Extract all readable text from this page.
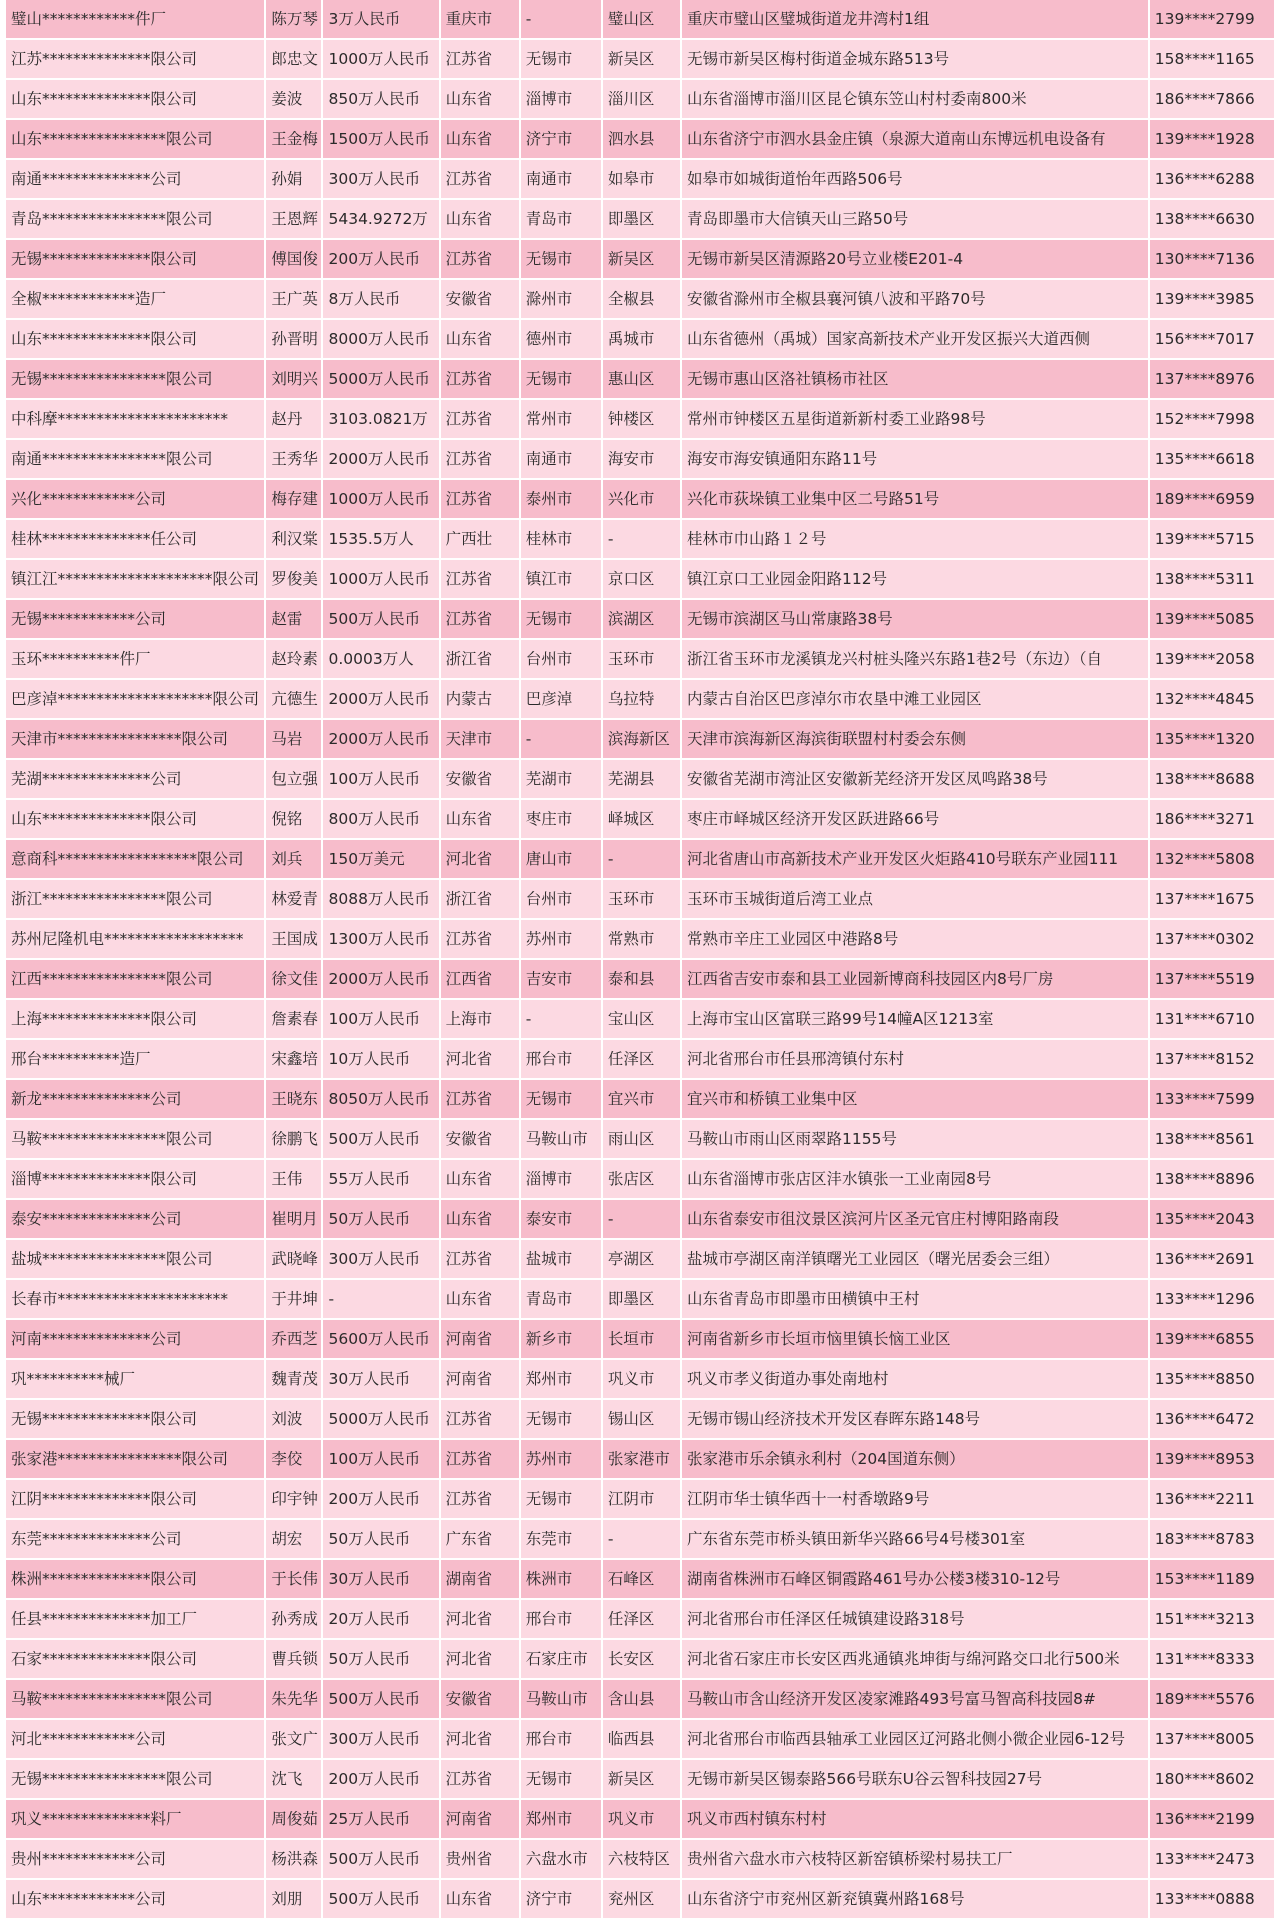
璧山************件厂	陈万琴	3万人民币	重庆市	-	璧山区	重庆市璧山区璧城街道龙井湾村1组	139****2799
江苏**************限公司	郎忠文	1000万人民币	江苏省	无锡市	新吴区	无锡市新吴区梅村街道金城东路513号	158****1165
山东**************限公司	姜波	850万人民币	山东省	淄博市	淄川区	山东省淄博市淄川区昆仑镇东笠山村村委南800米	186****7866
山东****************限公司	王金梅	1500万人民币	山东省	济宁市	泗水县	山东省济宁市泗水县金庄镇（泉源大道南山东博远机电设备有	139****1928
南通**************公司	孙娟	300万人民币	江苏省	南通市	如皋市	如皋市如城街道怡年西路506号	136****6288
青岛****************限公司	王恩辉	5434.9272万	山东省	青岛市	即墨区	青岛即墨市大信镇天山三路50号	138****6630
无锡**************限公司	傅国俊	200万人民币	江苏省	无锡市	新吴区	无锡市新吴区清源路20号立业楼E201-4	130****7136
全椒************造厂	王广英	8万人民币	安徽省	滁州市	全椒县	安徽省滁州市全椒县襄河镇八波和平路70号	139****3985
山东**************限公司	孙晋明	8000万人民币	山东省	德州市	禹城市	山东省德州（禹城）国家高新技术产业开发区振兴大道西侧	156****7017
无锡****************限公司	刘明兴	5000万人民币	江苏省	无锡市	惠山区	无锡市惠山区洛社镇杨市社区	137****8976
中科摩**********************	赵丹	3103.0821万	江苏省	常州市	钟楼区	常州市钟楼区五星街道新新村委工业路98号	152****7998
南通****************限公司	王秀华	2000万人民币	江苏省	南通市	海安市	海安市海安镇通阳东路11号	135****6618
兴化************公司	梅存建	1000万人民币	江苏省	泰州市	兴化市	兴化市荻垛镇工业集中区二号路51号	189****6959
桂林**************任公司	利汉棠	1535.5万人	广西壮	桂林市	-	桂林市巾山路１２号	139****5715
镇江江********************限公司	罗俊美	1000万人民币	江苏省	镇江市	京口区	镇江京口工业园金阳路112号	138****5311
无锡************公司	赵雷	500万人民币	江苏省	无锡市	滨湖区	无锡市滨湖区马山常康路38号	139****5085
玉环**********件厂	赵玲素	0.0003万人	浙江省	台州市	玉环市	浙江省玉环市龙溪镇龙兴村桩头隆兴东路1巷2号（东边）（自	139****2058
巴彦淖********************限公司	亢德生	2000万人民币	内蒙古	巴彦淖	乌拉特	内蒙古自治区巴彦淖尔市农垦中滩工业园区	132****4845
天津市****************限公司	马岩	2000万人民币	天津市	-	滨海新区	天津市滨海新区海滨街联盟村村委会东侧	135****1320
芜湖**************公司	包立强	100万人民币	安徽省	芜湖市	芜湖县	安徽省芜湖市湾沚区安徽新芜经济开发区凤鸣路38号	138****8688
山东**************限公司	倪铭	800万人民币	山东省	枣庄市	峄城区	枣庄市峄城区经济开发区跃进路66号	186****3271
意商科******************限公司	刘兵	150万美元	河北省	唐山市	-	河北省唐山市高新技术产业开发区火炬路410号联东产业园111	132****5808
浙江****************限公司	林爱青	8088万人民币	浙江省	台州市	玉环市	玉环市玉城街道后湾工业点	137****1675
苏州尼隆机电******************	王国成	1300万人民币	江苏省	苏州市	常熟市	常熟市辛庄工业园区中港路8号	137****0302
江西****************限公司	徐文佳	2000万人民币	江西省	吉安市	泰和县	江西省吉安市泰和县工业园新博商科技园区内8号厂房	137****5519
上海**************限公司	詹素春	100万人民币	上海市	-	宝山区	上海市宝山区富联三路99号14幢A区1213室	131****6710
邢台**********造厂	宋鑫培	10万人民币	河北省	邢台市	任泽区	河北省邢台市任县邢湾镇付东村	137****8152
新龙**************公司	王晓东	8050万人民币	江苏省	无锡市	宜兴市	宜兴市和桥镇工业集中区	133****7599
马鞍****************限公司	徐鹏飞	500万人民币	安徽省	马鞍山市	雨山区	马鞍山市雨山区雨翠路1155号	138****8561
淄博**************限公司	王伟	55万人民币	山东省	淄博市	张店区	山东省淄博市张店区沣水镇张一工业南园8号	138****8896
泰安**************公司	崔明月	50万人民币	山东省	泰安市	-	山东省泰安市徂汶景区滨河片区圣元官庄村博阳路南段	135****2043
盐城****************限公司	武晓峰	300万人民币	江苏省	盐城市	亭湖区	盐城市亭湖区南洋镇曙光工业园区（曙光居委会三组）	136****2691
长春市**********************	于井坤	-	山东省	青岛市	即墨区	山东省青岛市即墨市田横镇中王村	133****1296
河南**************公司	乔西芝	5600万人民币	河南省	新乡市	长垣市	河南省新乡市长垣市恼里镇长恼工业区	139****6855
巩**********械厂	魏青茂	30万人民币	河南省	郑州市	巩义市	巩义市孝义街道办事处南地村	135****8850
无锡**************限公司	刘波	5000万人民币	江苏省	无锡市	锡山区	无锡市锡山经济技术开发区春晖东路148号	136****6472
张家港****************限公司	李佼	100万人民币	江苏省	苏州市	张家港市	张家港市乐余镇永利村（204国道东侧）	139****8953
江阴**************限公司	印宇钟	200万人民币	江苏省	无锡市	江阴市	江阴市华士镇华西十一村香墩路9号	136****2211
东莞**************公司	胡宏	50万人民币	广东省	东莞市	-	广东省东莞市桥头镇田新华兴路66号4号楼301室	183****8783
株洲**************限公司	于长伟	30万人民币	湖南省	株洲市	石峰区	湖南省株洲市石峰区铜霞路461号办公楼3楼310-12号	153****1189
任县**************加工厂	孙秀成	20万人民币	河北省	邢台市	任泽区	河北省邢台市任泽区任城镇建设路318号	151****3213
石家**************限公司	曹兵锁	50万人民币	河北省	石家庄市	长安区	河北省石家庄市长安区西兆通镇兆坤街与绵河路交口北行500米	131****8333
马鞍****************限公司	朱先华	500万人民币	安徽省	马鞍山市	含山县	马鞍山市含山经济开发区凌家滩路493号富马智高科技园8#	189****5576
河北************公司	张文广	300万人民币	河北省	邢台市	临西县	河北省邢台市临西县轴承工业园区辽河路北侧小微企业园6-12号	137****8005
无锡****************限公司	沈飞	200万人民币	江苏省	无锡市	新吴区	无锡市新吴区锡泰路566号联东U谷云智科技园27号	180****8602
巩义**************料厂	周俊茹	25万人民币	河南省	郑州市	巩义市	巩义市西村镇东村村	136****2199
贵州************公司	杨洪森	500万人民币	贵州省	六盘水市	六枝特区	贵州省六盘水市六枝特区新窑镇桥梁村易扶工厂	133****2473
山东************公司	刘朋	500万人民币	山东省	济宁市	兖州区	山东省济宁市兖州区新兖镇冀州路168号	133****0888
